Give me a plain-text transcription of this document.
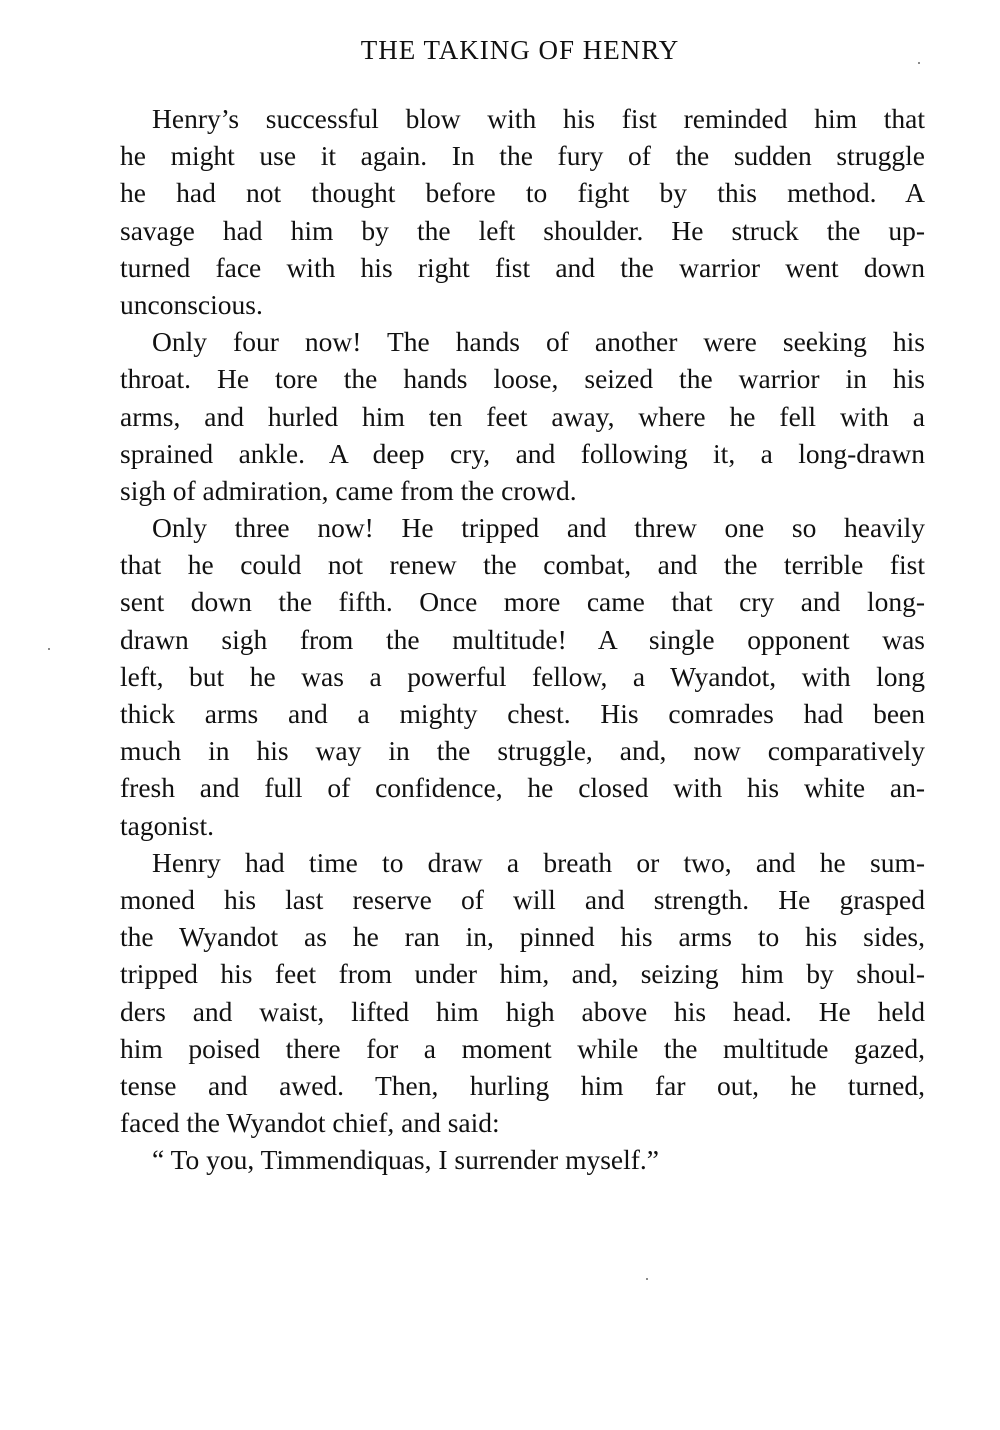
THE TAKING OF HENRY
Henry’s successful blow with his fist reminded him that
he might use it again. In the fury of the sudden struggle
he had not thought before to fight by this method. A
savage had him by the left shoulder. He struck the up-
turned face with his right fist and the warrior went down
unconscious.
Only four now! The hands of another were seeking his
throat. He tore the hands loose, seized the warrior in his
arms, and hurled him ten feet away, where he fell with a
sprained ankle. A deep cry, and following it, a long-drawn
sigh of admiration, came from the crowd.
Only three now! He tripped and threw one so heavily
that he could not renew the combat, and the terrible fist
sent down the fifth. Once more came that cry and long-
drawn sigh from the multitude! A single opponent was
left, but he was a powerful fellow, a Wyandot, with long
thick arms and a mighty chest. His comrades had been
much in his way in the struggle, and, now comparatively
fresh and full of confidence, he closed with his white an-
tagonist.
Henry had time to draw a breath or two, and he sum-
moned his last reserve of will and strength. He grasped
the Wyandot as he ran in, pinned his arms to his sides,
tripped his feet from under him, and, seizing him by shoul-
ders and waist, lifted him high above his head. He held
him poised there for a moment while the multitude gazed,
tense and awed. Then, hurling him far out, he turned,
faced the Wyandot chief, and said:
“ To you, Timmendiquas, I surrender myself.”
